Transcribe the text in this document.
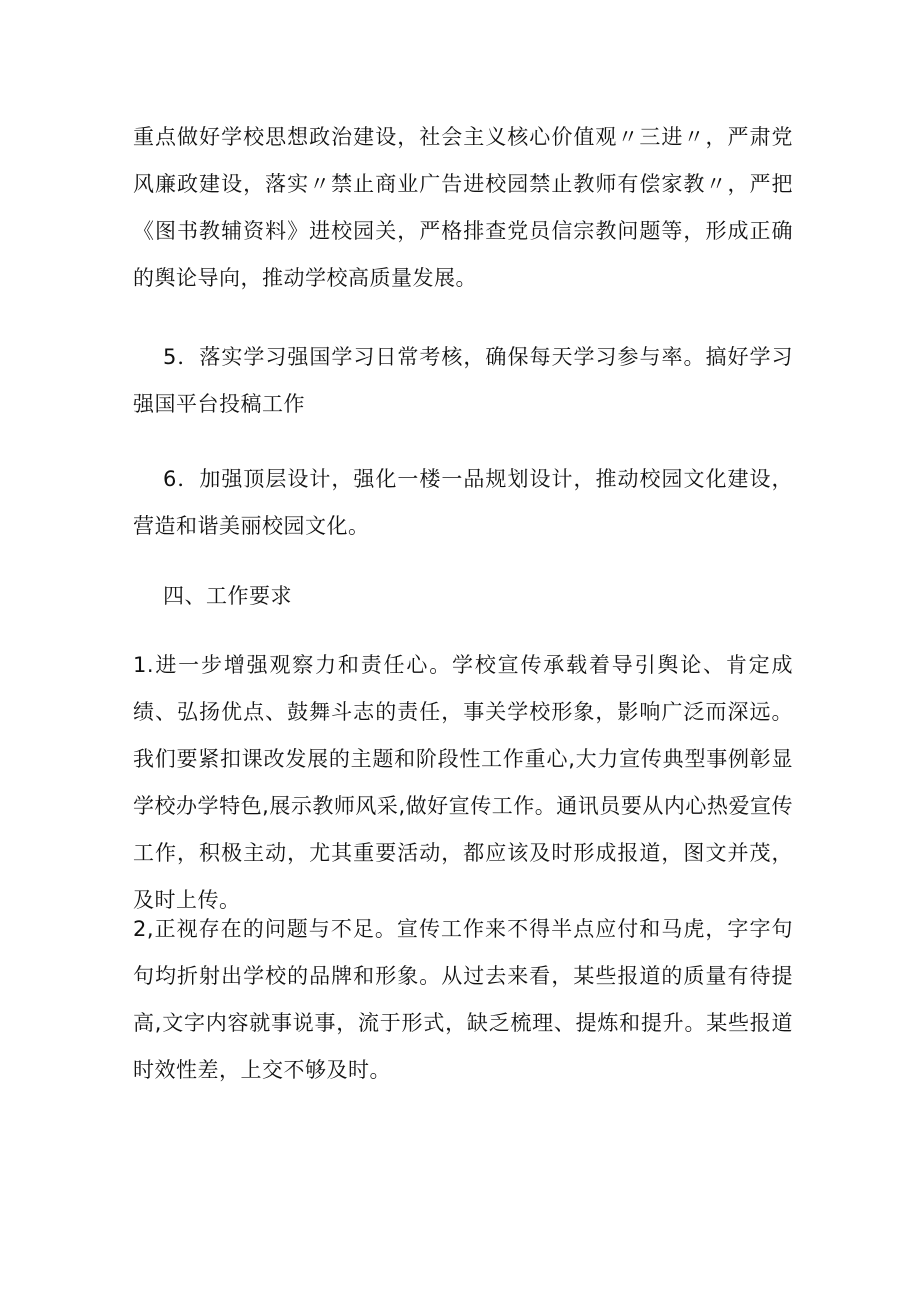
重点做好学校思想政治建设，社会主义核心价值观〃三进〃，严肃党风廉政建设，落实〃禁止商业广告进校园禁止教师有偿家教〃，严把《图书教辅资料》进校园关，严格排查党员信宗教问题等，形成正确的舆论导向，推动学校高质量发展。

5．落实学习强国学习日常考核，确保每天学习参与率。搞好学习强国平台投稿工作

6．加强顶层设计，强化一楼一品规划设计，推动校园文化建设，营造和谐美丽校园文化。

四、工作要求

1.进一步增强观察力和责任心。学校宣传承载着导引舆论、肯定成绩、弘扬优点、鼓舞斗志的责任，事关学校形象，影响广泛而深远。我们要紧扣课改发展的主题和阶段性工作重心,大力宣传典型事例彰显学校办学特色,展示教师风采,做好宣传工作。通讯员要从内心热爱宣传工作，积极主动，尤其重要活动，都应该及时形成报道，图文并茂，及时上传。

2,正视存在的问题与不足。宣传工作来不得半点应付和马虎，字字句句均折射出学校的品牌和形象。从过去来看，某些报道的质量有待提高,文字内容就事说事，流于形式，缺乏梳理、提炼和提升。某些报道时效性差，上交不够及时。
